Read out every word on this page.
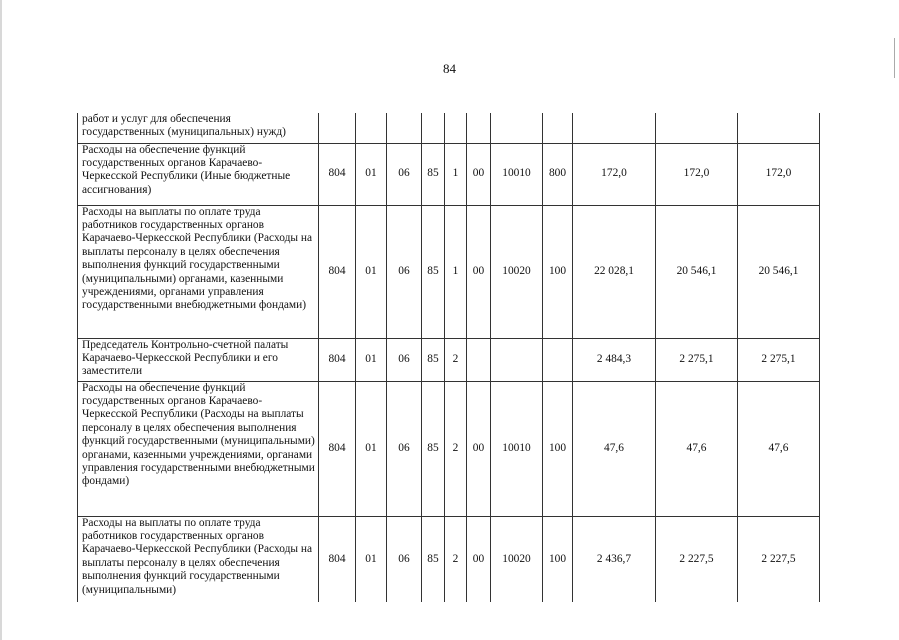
84
работ и услуг для обеспечения государственных (муниципальных) нужд)											
Расходы на обеспечение функций государственных органов Карачаево-Черкесской Республики (Иные бюджетные ассигнования)	804	01	06	85	1	00	10010	800	172,0	172,0	172,0
Расходы на выплаты по оплате труда работников государственных органов Карачаево-Черкесской Республики (Расходы на выплаты персоналу в целях обеспечения выполнения функций государственными (муниципальными) органами, казенными учреждениями, органами управления государственными внебюджетными фондами)	804	01	06	85	1	00	10020	100	22 028,1	20 546,1	20 546,1
Председатель Контрольно-счетной палаты Карачаево-Черкесской Республики и его заместители	804	01	06	85	2				2 484,3	2 275,1	2 275,1
Расходы на обеспечение функций государственных органов Карачаево-Черкесской Республики (Расходы на выплаты персоналу в целях обеспечения выполнения функций государственными (муниципальными) органами, казенными учреждениями, органами управления государственными внебюджетными фондами)	804	01	06	85	2	00	10010	100	47,6	47,6	47,6
Расходы на выплаты по оплате труда работников государственных органов Карачаево-Черкесской Республики (Расходы на выплаты персоналу в целях обеспечения выполнения функций государственными (муниципальными)	804	01	06	85	2	00	10020	100	2 436,7	2 227,5	2 227,5
